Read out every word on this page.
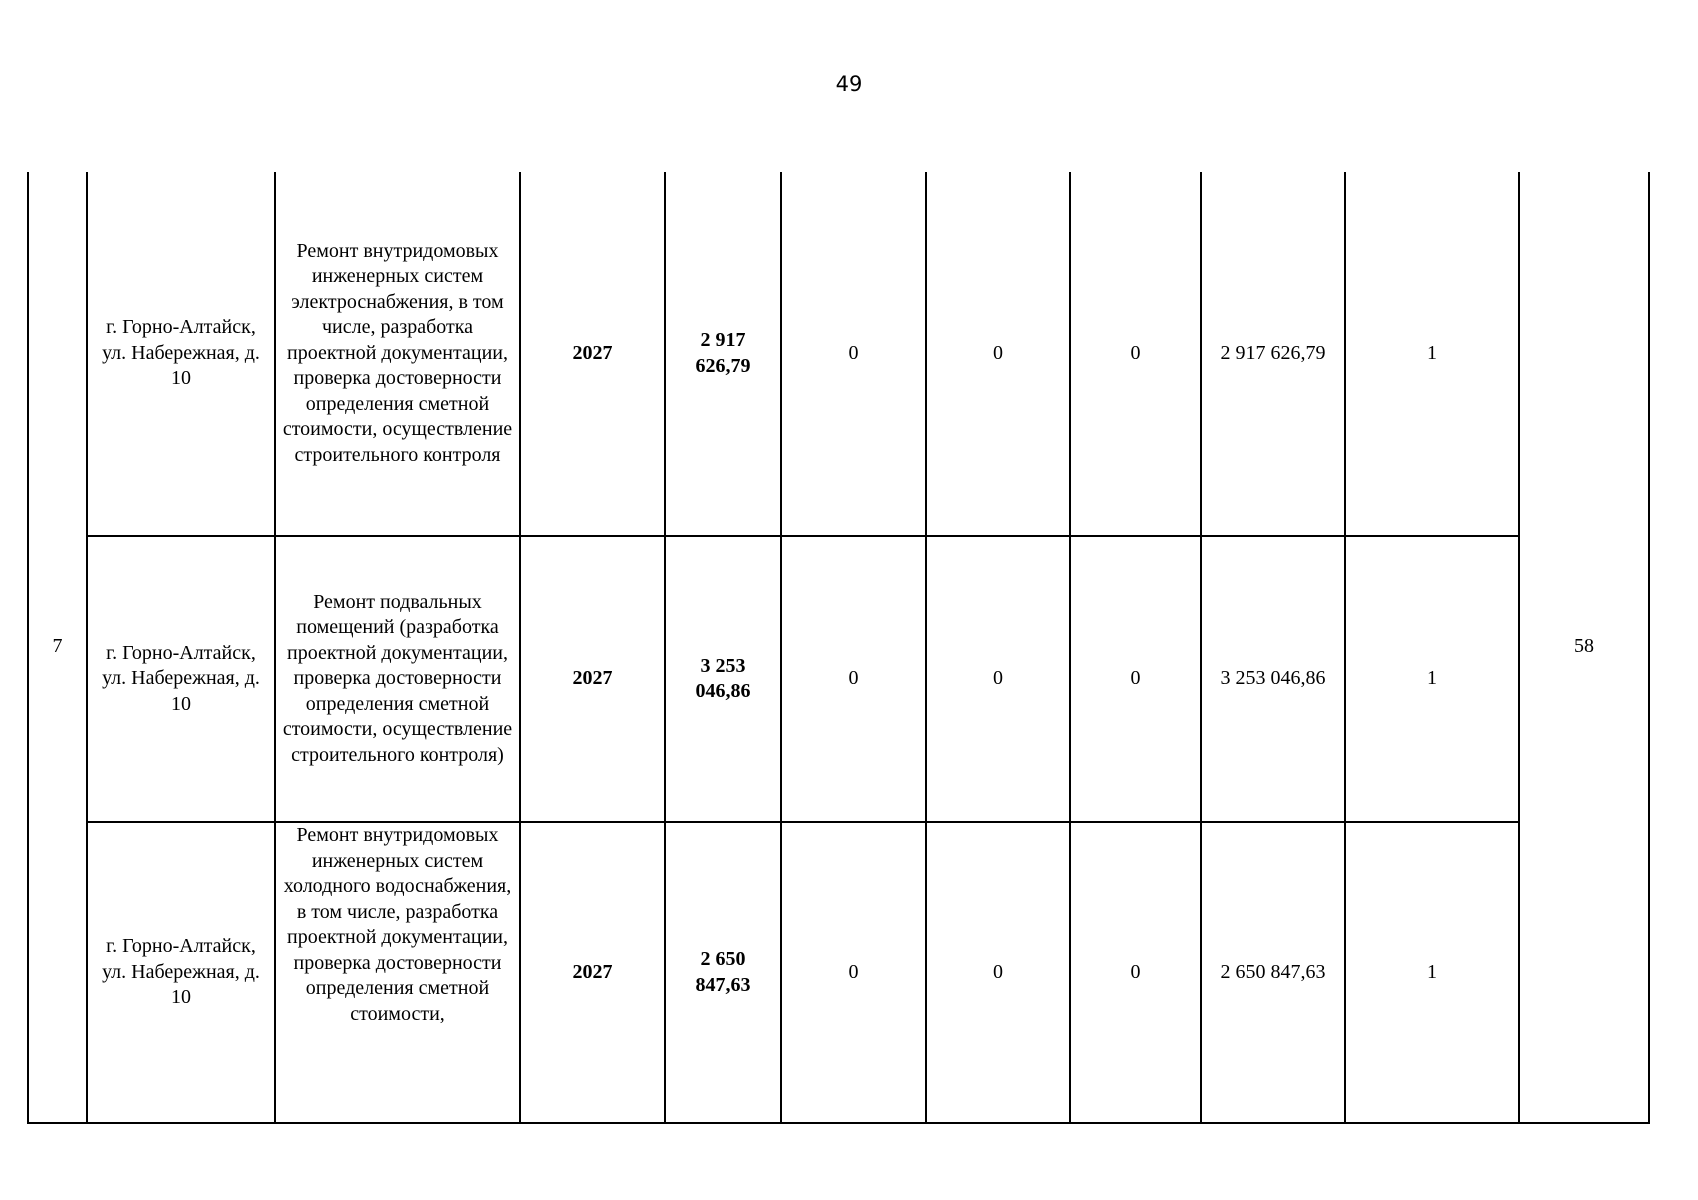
49
7	г. Горно-Алтайск, ул. Набережная, д. 10	Ремонт внутридомовых инженерных систем электроснабжения, в том числе, разработка проектной документации, проверка достоверности определения сметной стоимости, осуществление строительного контроля	2027	2 917 626,79	0	0	0	2 917 626,79	1	58
	г. Горно-Алтайск, ул. Набережная, д. 10	Ремонт подвальных помещений (разработка проектной документации, проверка достоверности определения сметной стоимости, осуществление строительного контроля)	2027	3 253 046,86	0	0	0	3 253 046,86	1	
	г. Горно-Алтайск, ул. Набережная, д. 10	Ремонт внутридомовых инженерных систем холодного водоснабжения, в том числе, разработка проектной документации, проверка достоверности определения сметной стоимости,	2027	2 650 847,63	0	0	0	2 650 847,63	1	
